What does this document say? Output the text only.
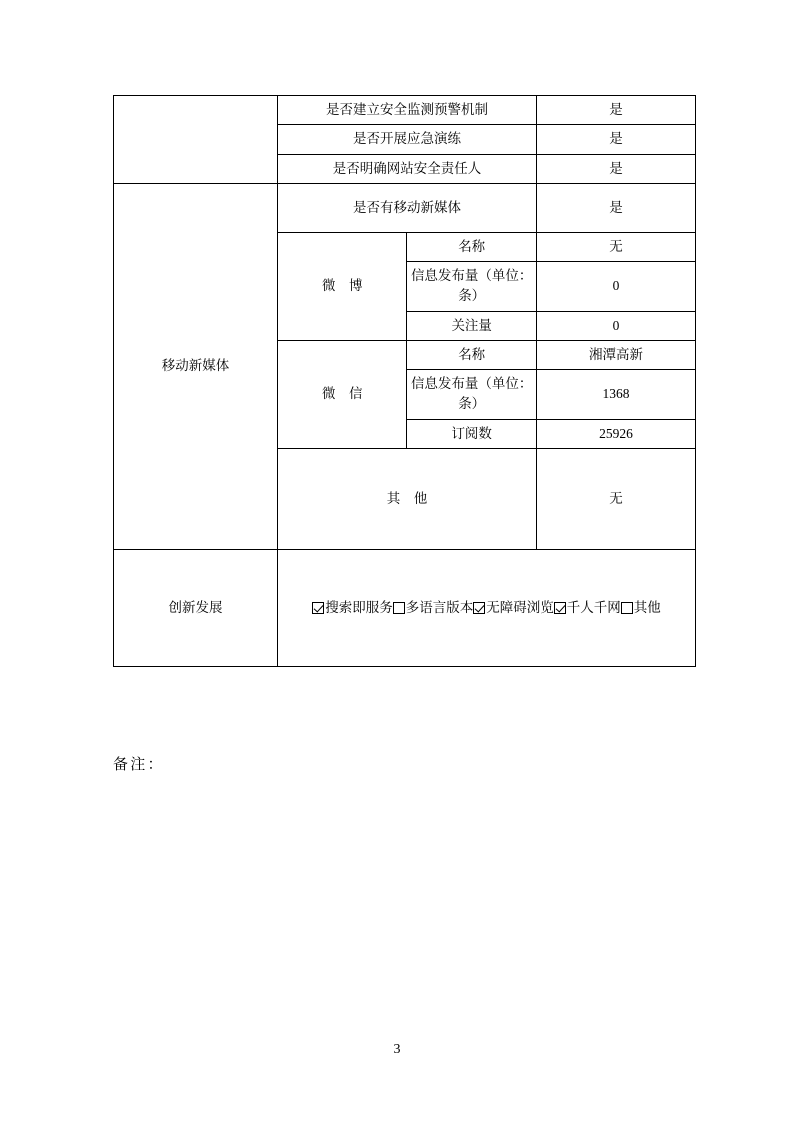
	是否建立安全监测预警机制		是
	是否开展应急演练		是
	是否明确网站安全责任人		是
移动新媒体	是否有移动新媒体		是
	微　博	名称	无
		信息发布量（单位：条）	0
		关注量	0
	微　信	名称	湘潭高新
		信息发布量（单位：条）	1368
		订阅数	25926
	其　他		无
创新发展	搜索即服务 多语言版本 无障碍浏览 千人千网 其他		
备注：
3
